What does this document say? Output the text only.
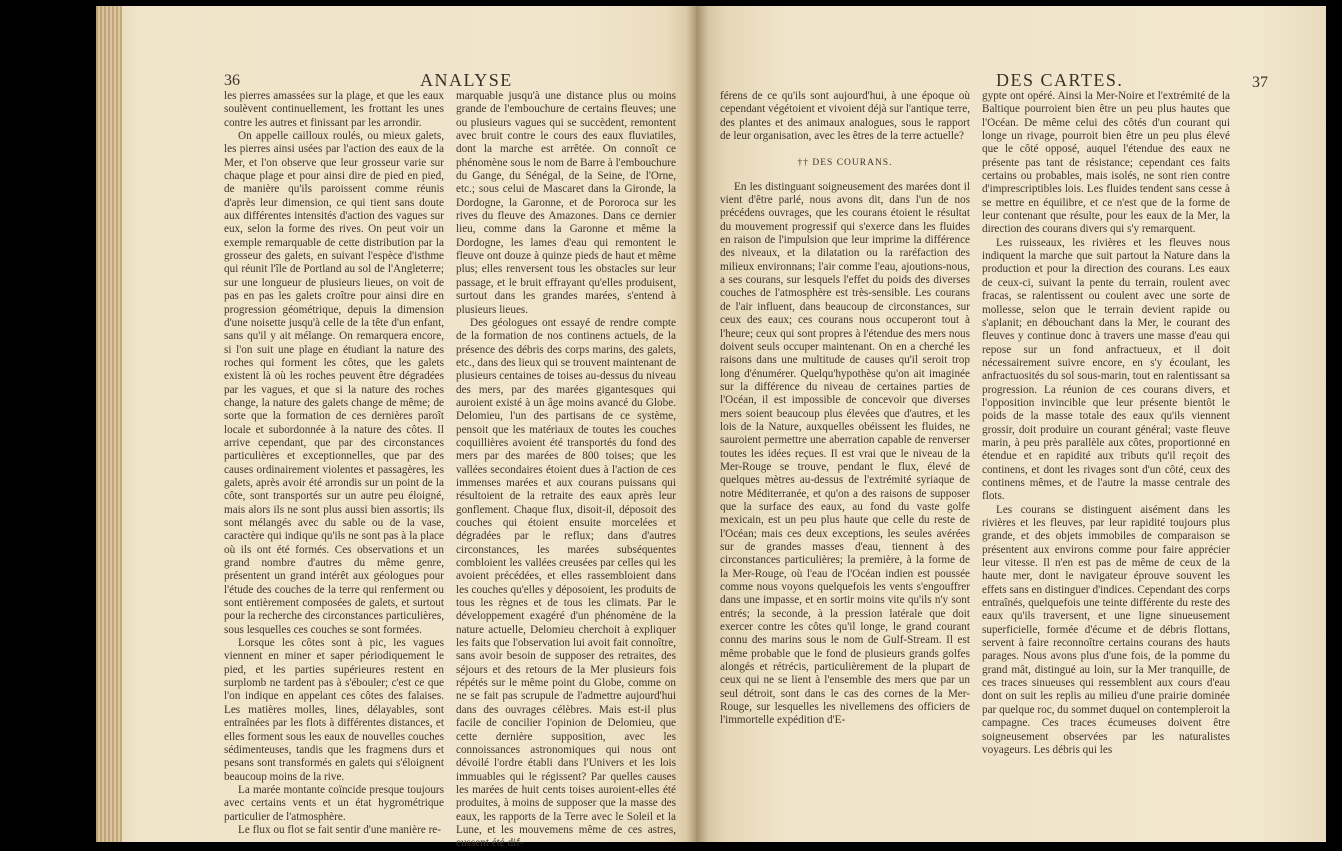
36	ANALYSE

les pierres amassées sur la plage, et que les eaux soulèvent continuellement, les frottant les unes contre les autres et finissant par les arrondir.

On appelle cailloux roulés, ou mieux galets, les pierres ainsi usées par l'action des eaux de la Mer, et l'on observe que leur grosseur varie sur chaque plage et pour ainsi dire de pied en pied, de manière qu'ils paroissent comme réunis d'après leur dimension, ce qui tient sans doute aux différentes intensités d'action des vagues sur eux, selon la forme des rives. On peut voir un exemple remarquable de cette distribution par la grosseur des galets, en suivant l'espèce d'isthme qui réunit l'île de Portland au sol de l'Angleterre; sur une longueur de plusieurs lieues, on voit de pas en pas les galets croître pour ainsi dire en progression géométrique, depuis la dimension d'une noisette jusqu'à celle de la tête d'un enfant, sans qu'il y ait mélange. On remarquera encore, si l'on suit une plage en étudiant la nature des roches qui forment les côtes, que les galets existent là où les roches peuvent être dégradées par les vagues, et que si la nature des roches change, la nature des galets change de même; de sorte que la formation de ces dernières paroît locale et subordonnée à la nature des côtes. Il arrive cependant, que par des circonstances particulières et exceptionnelles, que par des causes ordinairement violentes et passagères, les galets, après avoir été arrondis sur un point de la côte, sont transportés sur un autre peu éloigné, mais alors ils ne sont plus aussi bien assortis; ils sont mélangés avec du sable ou de la vase, caractère qui indique qu'ils ne sont pas à la place où ils ont été formés. Ces observations et un grand nombre d'autres du même genre, présentent un grand intérêt aux géologues pour l'étude des couches de la terre qui renferment ou sont entièrement composées de galets, et surtout pour la recherche des circonstances particulières, sous lesquelles ces couches se sont formées.

Lorsque les côtes sont à pic, les vagues viennent en miner et saper périodiquement le pied, et les parties supérieures restent en surplomb ne tardent pas à s'ébouler; c'est ce que l'on indique en appelant ces côtes des falaises. Les matières molles, lines, délayables, sont entraînées par les flots à différentes distances, et elles forment sous les eaux de nouvelles couches sédimenteuses, tandis que les fragmens durs et pesans sont transformés en galets qui s'éloignent beaucoup moins de la rive.

La marée montante coïncide presque toujours avec certains vents et un état hygrométrique particulier de l'atmosphère.

Le flux ou flot se fait sentir d'une manière re-

marquable jusqu'à une distance plus ou moins grande de l'embouchure de certains fleuves; une ou plusieurs vagues qui se succèdent, remontent avec bruit contre le cours des eaux fluviatiles, dont la marche est arrêtée. On connoît ce phénomène sous le nom de Barre à l'embouchure du Gange, du Sénégal, de la Seine, de l'Orne, etc.; sous celui de Mascaret dans la Gironde, la Dordogne, la Garonne, et de Pororoca sur les rives du fleuve des Amazones. Dans ce dernier lieu, comme dans la Garonne et même la Dordogne, les lames d'eau qui remontent le fleuve ont douze à quinze pieds de haut et même plus; elles renversent tous les obstacles sur leur passage, et le bruit effrayant qu'elles produisent, surtout dans les grandes marées, s'entend à plusieurs lieues.

Des géologues ont essayé de rendre compte de la formation de nos continens actuels, de la présence des débris des corps marins, des galets, etc., dans des lieux qui se trouvent maintenant de plusieurs centaines de toises au-dessus du niveau des mers, par des marées gigantesques qui auroient existé à un âge moins avancé du Globe. Delomieu, l'un des partisans de ce système, pensoit que les matériaux de toutes les couches coquillières avoient été transportés du fond des mers par des marées de 800 toises; que les vallées secondaires étoient dues à l'action de ces immenses marées et aux courans puissans qui résultoient de la retraite des eaux après leur gonflement. Chaque flux, disoit-il, déposoit des couches qui étoient ensuite morcelées et dégradées par le reflux; dans d'autres circonstances, les marées subséquentes combloient les vallées creusées par celles qui les avoient précédées, et elles rassembloient dans les couches qu'elles y déposoient, les produits de tous les règnes et de tous les climats. Par le développement exagéré d'un phénomène de la nature actuelle, Delomieu cherchoit à expliquer les faits que l'observation lui avoit fait connoître, sans avoir besoin de supposer des retraites, des séjours et des retours de la Mer plusieurs fois répétés sur le même point du Globe, comme on ne se fait pas scrupule de l'admettre aujourd'hui dans des ouvrages célèbres. Mais est-il plus facile de concilier l'opinion de Delomieu, que cette dernière supposition, avec les connoissances astronomiques qui nous ont dévoilé l'ordre établi dans l'Univers et les lois immuables qui le régissent? Par quelles causes les marées de huit cents toises auroient-elles été produites, à moins de supposer que la masse des eaux, les rapports de la Terre avec le Soleil et la Lune, et les mouvemens même de ces astres, eussent été dif-

DES CARTES.	37

férens de ce qu'ils sont aujourd'hui, à une époque où cependant végétoient et vivoient déjà sur l'antique terre, des plantes et des animaux analogues, sous le rapport de leur organisation, avec les êtres de la terre actuelle?

†† DES COURANS.

En les distinguant soigneusement des marées dont il vient d'être parlé, nous avons dit, dans l'un de nos précédens ouvrages, que les courans étoient le résultat du mouvement progressif qui s'exerce dans les fluides en raison de l'impulsion que leur imprime la différence des niveaux, et la dilatation ou la raréfaction des milieux environnans; l'air comme l'eau, ajoutions-nous, a ses courans, sur lesquels l'effet du poids des diverses couches de l'atmosphère est très-sensible. Les courans de l'air influent, dans beaucoup de circonstances, sur ceux des eaux; ces courans nous occuperont tout à l'heure; ceux qui sont propres à l'étendue des mers nous doivent seuls occuper maintenant. On en a cherché les raisons dans une multitude de causes qu'il seroit trop long d'énumérer. Quelqu'hypothèse qu'on ait imaginée sur la différence du niveau de certaines parties de l'Océan, il est impossible de concevoir que diverses mers soient beaucoup plus élevées que d'autres, et les lois de la Nature, auxquelles obéissent les fluides, ne sauroient permettre une aberration capable de renverser toutes les idées reçues. Il est vrai que le niveau de la Mer-Rouge se trouve, pendant le flux, élevé de quelques mètres au-dessus de l'extrémité syriaque de notre Méditerranée, et qu'on a des raisons de supposer que la surface des eaux, au fond du vaste golfe mexicain, est un peu plus haute que celle du reste de l'Océan; mais ces deux exceptions, les seules avérées sur de grandes masses d'eau, tiennent à des circonstances particulières; la première, à la forme de la Mer-Rouge, où l'eau de l'Océan indien est poussée comme nous voyons quelquefois les vents s'engouffrer dans une impasse, et en sortir moins vite qu'ils n'y sont entrés; la seconde, à la pression latérale que doit exercer contre les côtes qu'il longe, le grand courant connu des marins sous le nom de Gulf-Stream. Il est même probable que le fond de plusieurs grands golfes alongés et rétrécis, particulièrement de la plupart de ceux qui ne se lient à l'ensemble des mers que par un seul détroit, sont dans le cas des cornes de la Mer-Rouge, sur lesquelles les nivellemens des officiers de l'immortelle expédition d'E-

gypte ont opéré. Ainsi la Mer-Noire et l'extrémité de la Baltique pourroient bien être un peu plus hautes que l'Océan. De même celui des côtés d'un courant qui longe un rivage, pourroit bien être un peu plus élevé que le côté opposé, auquel l'étendue des eaux ne présente pas tant de résistance; cependant ces faits certains ou probables, mais isolés, ne sont rien contre d'imprescriptibles lois. Les fluides tendent sans cesse à se mettre en équilibre, et ce n'est que de la forme de leur contenant que résulte, pour les eaux de la Mer, la direction des courans divers qui s'y remarquent.

Les ruisseaux, les rivières et les fleuves nous indiquent la marche que suit partout la Nature dans la production et pour la direction des courans. Les eaux de ceux-ci, suivant la pente du terrain, roulent avec fracas, se ralentissent ou coulent avec une sorte de mollesse, selon que le terrain devient rapide ou s'aplanit; en débouchant dans la Mer, le courant des fleuves y continue donc à travers une masse d'eau qui repose sur un fond anfractueux, et il doit nécessairement suivre encore, en s'y écoulant, les anfractuosités du sol sous-marin, tout en ralentissant sa progression. La réunion de ces courans divers, et l'opposition invincible que leur présente bientôt le poids de la masse totale des eaux qu'ils viennent grossir, doit produire un courant général; vaste fleuve marin, à peu près parallèle aux côtes, proportionné en étendue et en rapidité aux tributs qu'il reçoit des continens, et dont les rivages sont d'un côté, ceux des continens mêmes, et de l'autre la masse centrale des flots.

Les courans se distinguent aisément dans les rivières et les fleuves, par leur rapidité toujours plus grande, et des objets immobiles de comparaison se présentent aux environs comme pour faire apprécier leur vitesse. Il n'en est pas de même de ceux de la haute mer, dont le navigateur éprouve souvent les effets sans en distinguer d'indices. Cependant des corps entraînés, quelquefois une teinte différente du reste des eaux qu'ils traversent, et une ligne sinueusement superficielle, formée d'écume et de débris flottans, servent à faire reconnoître certains courans des hauts parages. Nous avons plus d'une fois, de la pomme du grand mât, distingué au loin, sur la Mer tranquille, de ces traces sinueuses qui ressemblent aux cours d'eau dont on suit les replis au milieu d'une prairie dominée par quelque roc, du sommet duquel on contempleroit la campagne. Ces traces écumeuses doivent être soigneusement observées par les naturalistes voyageurs. Les débris qui les
